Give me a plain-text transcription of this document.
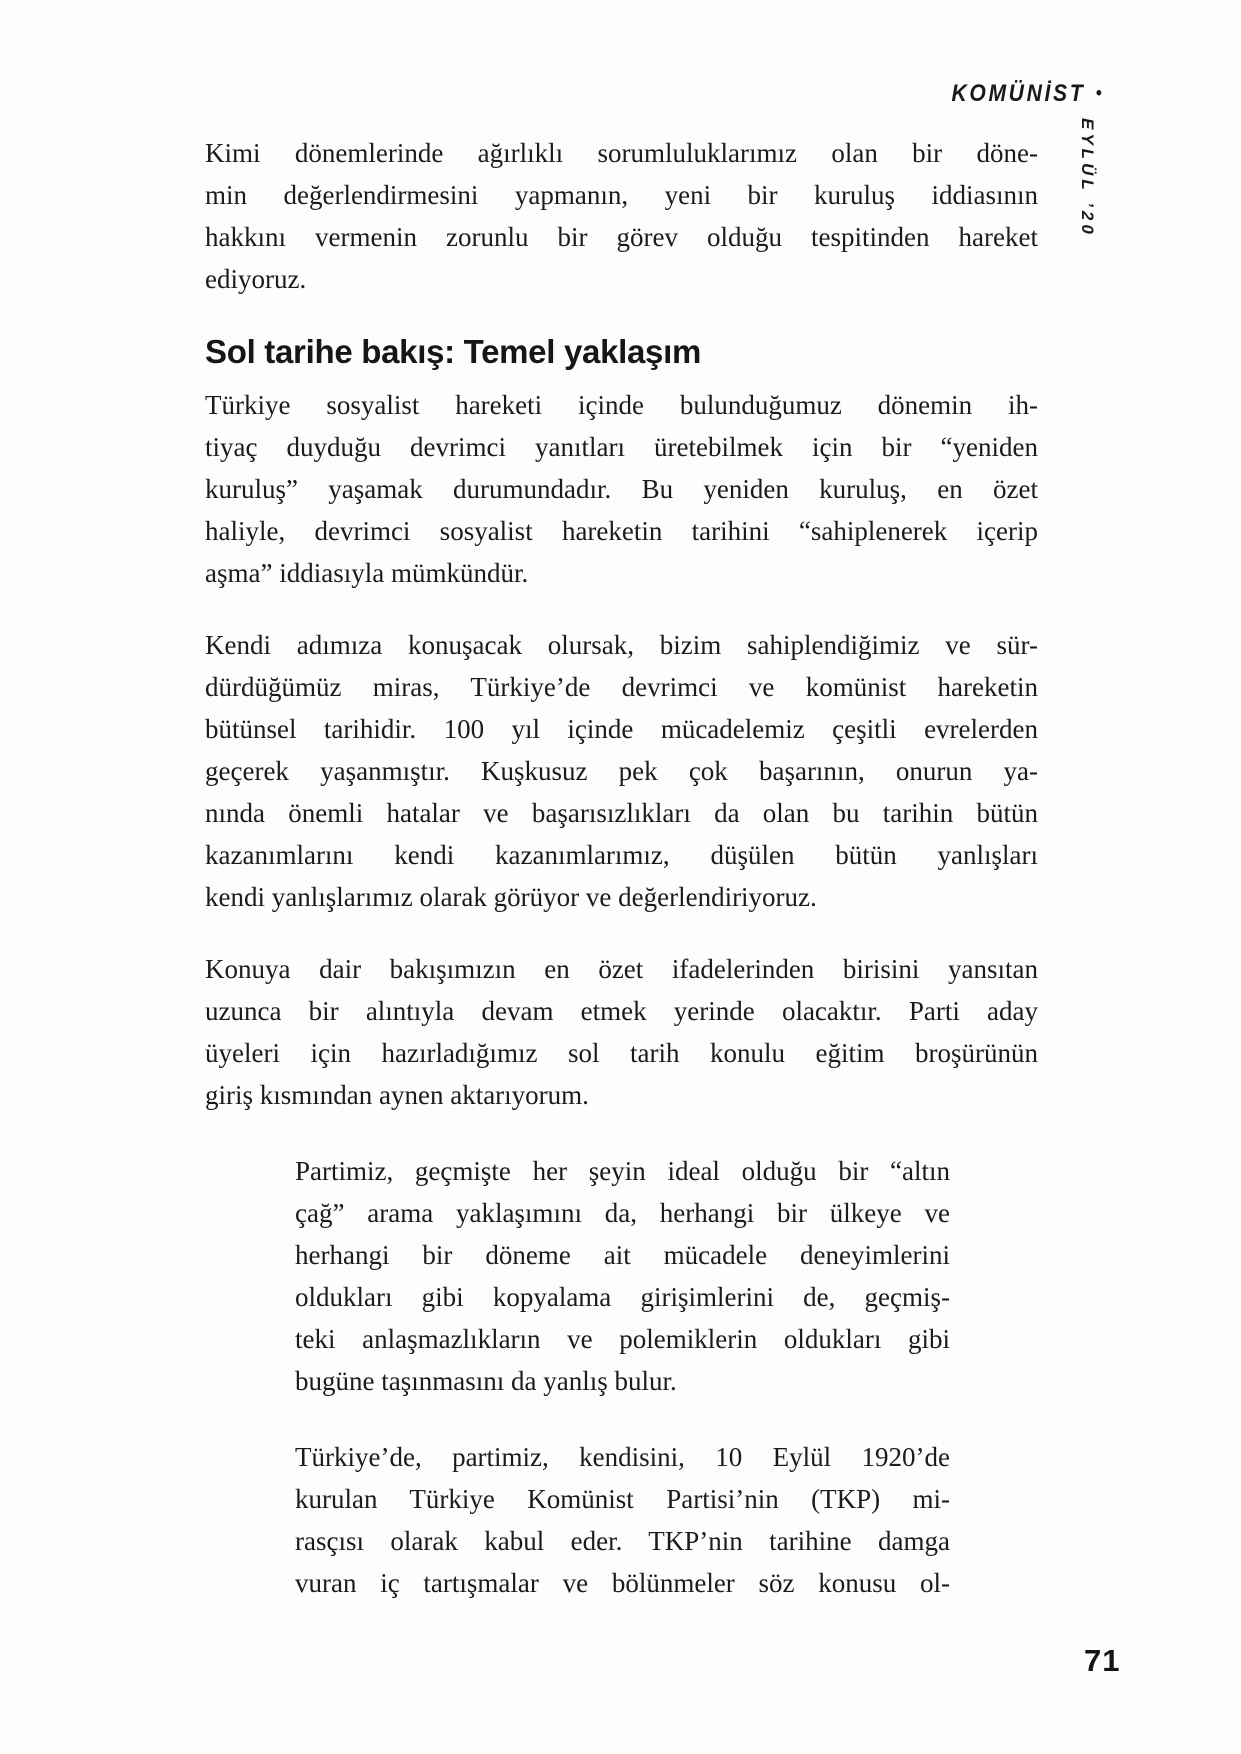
KOMÜNİST •
EYLÜL ’20
Kimi dönemlerinde ağırlıklı sorumluluklarımız olan bir döne-
min değerlendirmesini yapmanın, yeni bir kuruluş iddiasının
hakkını vermenin zorunlu bir görev olduğu tespitinden hareket
ediyoruz.
Sol tarihe bakış: Temel yaklaşım
Türkiye sosyalist hareketi içinde bulunduğumuz dönemin ih-
tiyaç duyduğu devrimci yanıtları üretebilmek için bir “yeniden
kuruluş” yaşamak durumundadır. Bu yeniden kuruluş, en özet
haliyle, devrimci sosyalist hareketin tarihini “sahiplenerek içerip
aşma” iddiasıyla mümkündür.
Kendi adımıza konuşacak olursak, bizim sahiplendiğimiz ve sür-
dürdüğümüz miras, Türkiye’de devrimci ve komünist hareketin
bütünsel tarihidir. 100 yıl içinde mücadelemiz çeşitli evrelerden
geçerek yaşanmıştır. Kuşkusuz pek çok başarının, onurun ya-
nında önemli hatalar ve başarısızlıkları da olan bu tarihin bütün
kazanımlarını kendi kazanımlarımız, düşülen bütün yanlışları
kendi yanlışlarımız olarak görüyor ve değerlendiriyoruz.
Konuya dair bakışımızın en özet ifadelerinden birisini yansıtan
uzunca bir alıntıyla devam etmek yerinde olacaktır. Parti aday
üyeleri için hazırladığımız sol tarih konulu eğitim broşürünün
giriş kısmından aynen aktarıyorum.
Partimiz, geçmişte her şeyin ideal olduğu bir “altın
çağ” arama yaklaşımını da, herhangi bir ülkeye ve
herhangi bir döneme ait mücadele deneyimlerini
oldukları gibi kopyalama girişimlerini de, geçmiş-
teki anlaşmazlıkların ve polemiklerin oldukları gibi
bugüne taşınmasını da yanlış bulur.
Türkiye’de, partimiz, kendisini, 10 Eylül 1920’de
kurulan Türkiye Komünist Partisi’nin (TKP) mi-
rasçısı olarak kabul eder. TKP’nin tarihine damga
vuran iç tartışmalar ve bölünmeler söz konusu ol-
71
